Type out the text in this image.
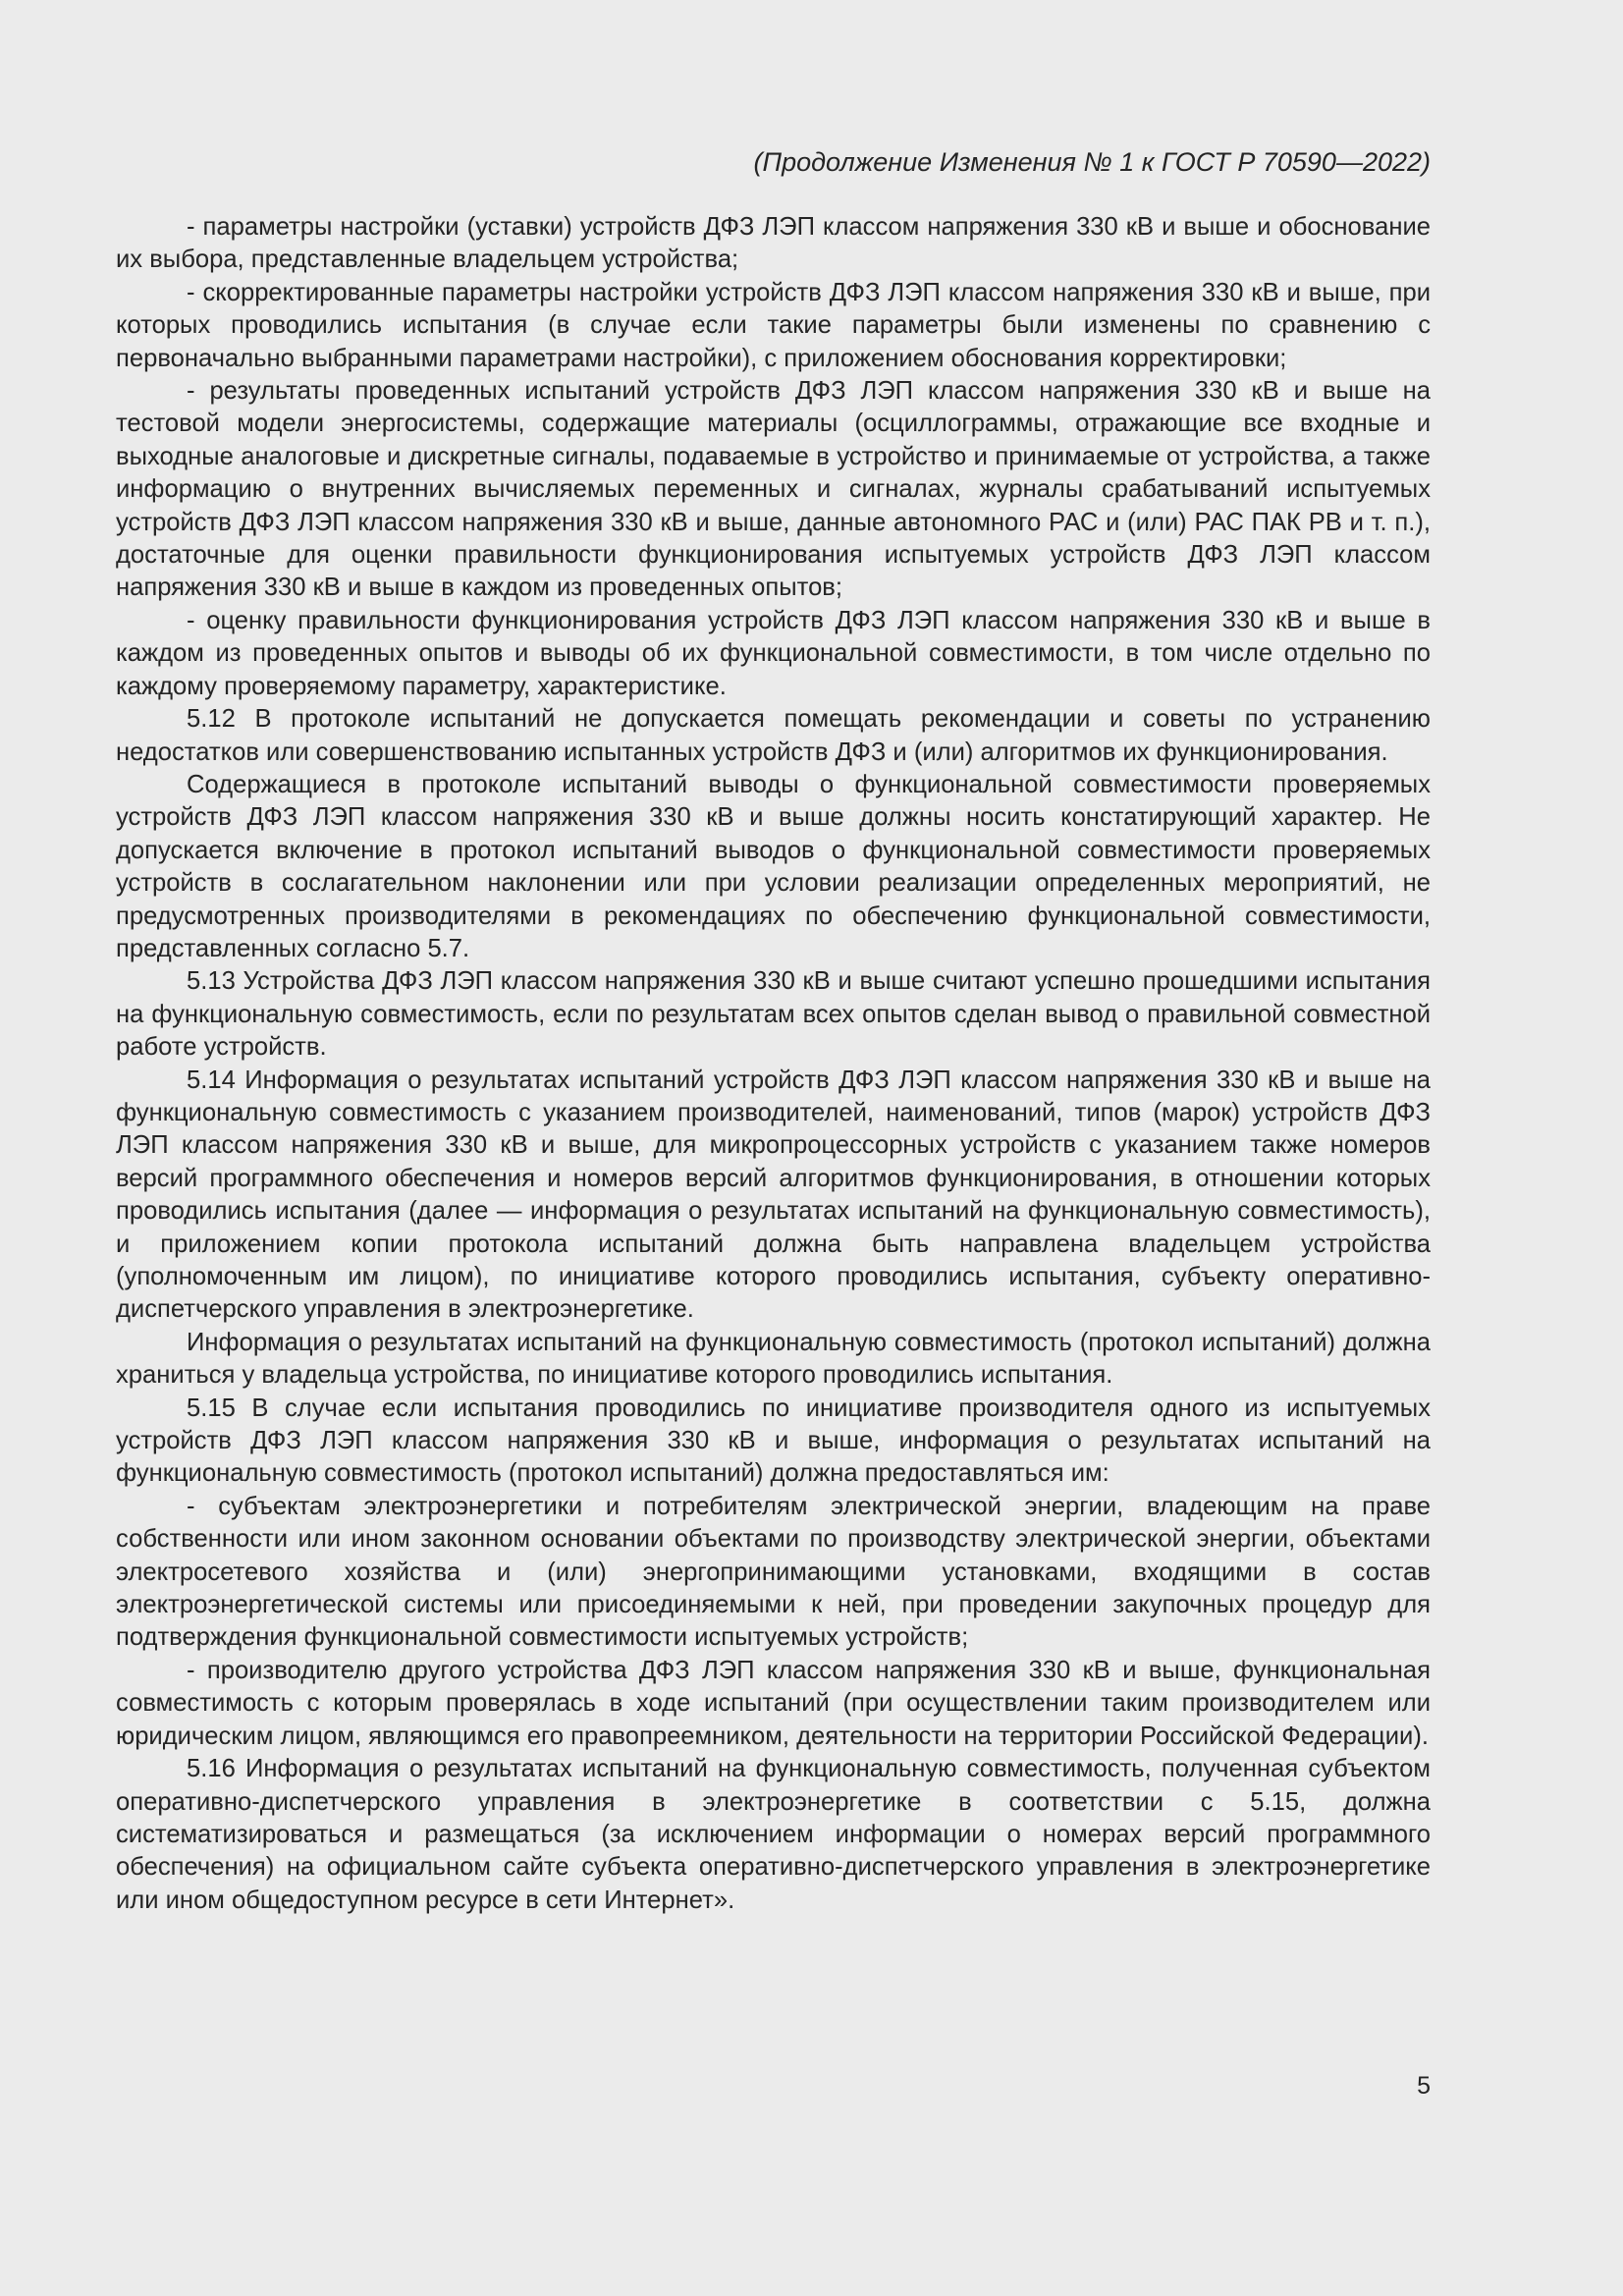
(Продолжение Изменения № 1 к ГОСТ Р 70590—2022)

- параметры настройки (уставки) устройств ДФЗ ЛЭП классом напряжения 330 кВ и выше и обоснование их выбора, представленные владельцем устройства;

- скорректированные параметры настройки устройств ДФЗ ЛЭП классом напряжения 330 кВ и выше, при которых проводились испытания (в случае если такие параметры были изменены по сравнению с первоначально выбранными параметрами настройки), с приложением обоснования корректировки;

- результаты проведенных испытаний устройств ДФЗ ЛЭП классом напряжения 330 кВ и выше на тестовой модели энергосистемы, содержащие материалы (осциллограммы, отражающие все входные и выходные аналоговые и дискретные сигналы, подаваемые в устройство и принимаемые от устройства, а также информацию о внутренних вычисляемых переменных и сигналах, журналы срабатываний испытуемых устройств ДФЗ ЛЭП классом напряжения 330 кВ и выше, данные автономного РАС и (или) РАС ПАК РВ и т. п.), достаточные для оценки правильности функционирования испытуемых устройств ДФЗ ЛЭП классом напряжения 330 кВ и выше в каждом из проведенных опытов;

- оценку правильности функционирования устройств ДФЗ ЛЭП классом напряжения 330 кВ и выше в каждом из проведенных опытов и выводы об их функциональной совместимости, в том числе отдельно по каждому проверяемому параметру, характеристике.

5.12 В протоколе испытаний не допускается помещать рекомендации и советы по устранению недостатков или совершенствованию испытанных устройств ДФЗ и (или) алгоритмов их функционирования.

Содержащиеся в протоколе испытаний выводы о функциональной совместимости проверяемых устройств ДФЗ ЛЭП классом напряжения 330 кВ и выше должны носить констатирующий характер. Не допускается включение в протокол испытаний выводов о функциональной совместимости проверяемых устройств в сослагательном наклонении или при условии реализации определенных мероприятий, не предусмотренных производителями в рекомендациях по обеспечению функциональной совместимости, представленных согласно 5.7.

5.13 Устройства ДФЗ ЛЭП классом напряжения 330 кВ и выше считают успешно прошедшими испытания на функциональную совместимость, если по результатам всех опытов сделан вывод о правильной совместной работе устройств.

5.14 Информация о результатах испытаний устройств ДФЗ ЛЭП классом напряжения 330 кВ и выше на функциональную совместимость с указанием производителей, наименований, типов (марок) устройств ДФЗ ЛЭП классом напряжения 330 кВ и выше, для микропроцессорных устройств с указанием также номеров версий программного обеспечения и номеров версий алгоритмов функционирования, в отношении которых проводились испытания (далее — информация о результатах испытаний на функциональную совместимость), и приложением копии протокола испытаний должна быть направлена владельцем устройства (уполномоченным им лицом), по инициативе которого проводились испытания, субъекту оперативно-диспетчерского управления в электроэнергетике.

Информация о результатах испытаний на функциональную совместимость (протокол испытаний) должна храниться у владельца устройства, по инициативе которого проводились испытания.

5.15 В случае если испытания проводились по инициативе производителя одного из испытуемых устройств ДФЗ ЛЭП классом напряжения 330 кВ и выше, информация о результатах испытаний на функциональную совместимость (протокол испытаний) должна предоставляться им:

- субъектам электроэнергетики и потребителям электрической энергии, владеющим на праве собственности или ином законном основании объектами по производству электрической энергии, объектами электросетевого хозяйства и (или) энергопринимающими установками, входящими в состав электроэнергетической системы или присоединяемыми к ней, при проведении закупочных процедур для подтверждения функциональной совместимости испытуемых устройств;

- производителю другого устройства ДФЗ ЛЭП классом напряжения 330 кВ и выше, функциональная совместимость с которым проверялась в ходе испытаний (при осуществлении таким производителем или юридическим лицом, являющимся его правопреемником, деятельности на территории Российской Федерации).

5.16 Информация о результатах испытаний на функциональную совместимость, полученная субъектом оперативно-диспетчерского управления в электроэнергетике в соответствии с 5.15, должна систематизироваться и размещаться (за исключением информации о номерах версий программного обеспечения) на официальном сайте субъекта оперативно-диспетчерского управления в электроэнергетике или ином общедоступном ресурсе в сети Интернет».

5
